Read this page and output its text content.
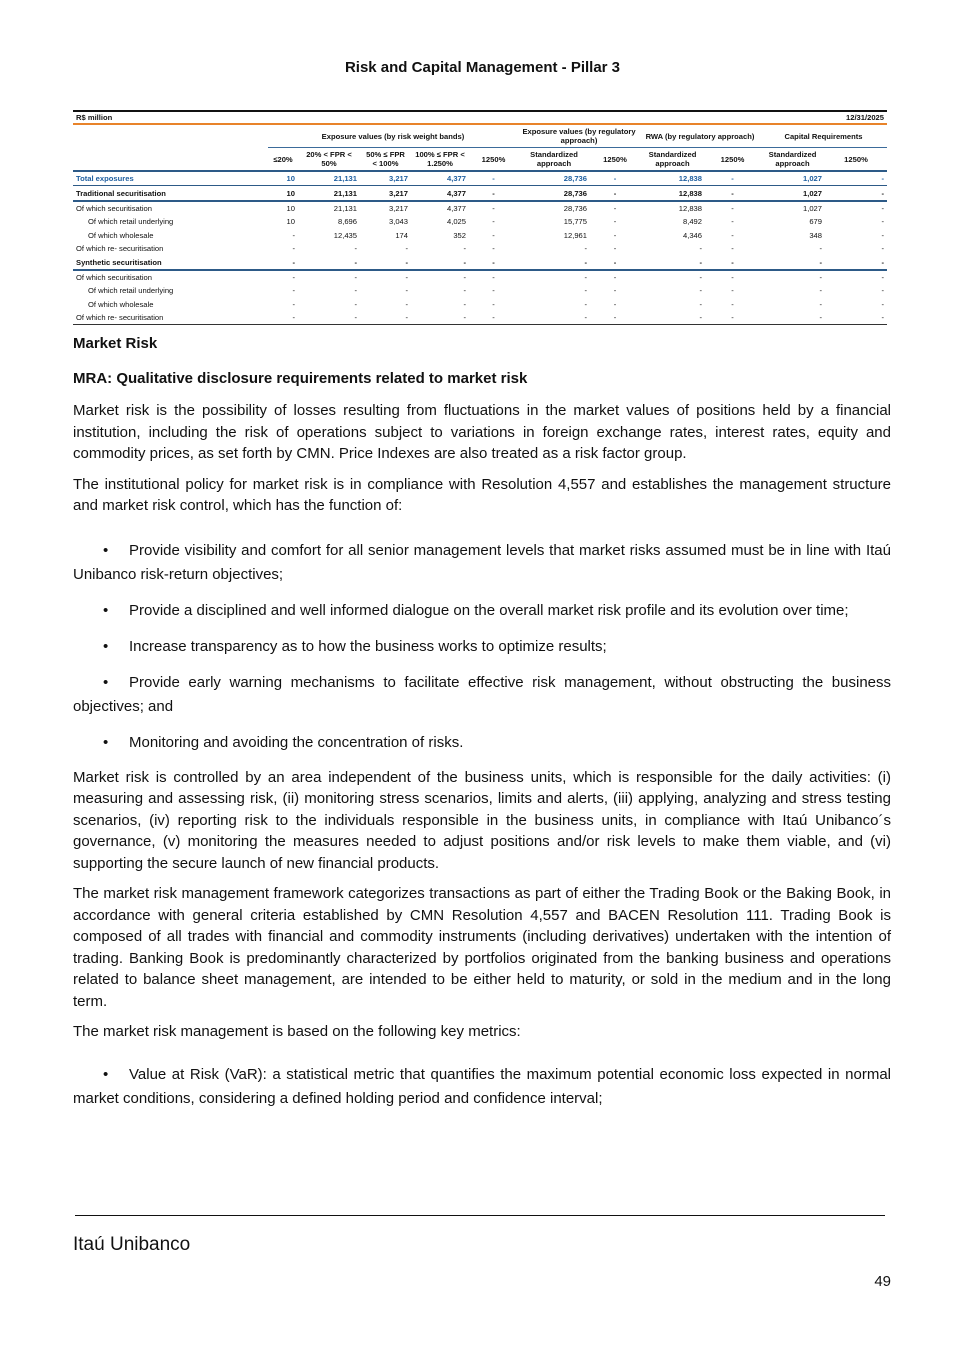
Risk and Capital Management - Pillar 3
R$ million	12/31/2025										
	Exposure values (by risk weight bands)					Exposure values (by regulatory approach)		RWA (by regulatory approach)		Capital Requirements	
	≤20%	20% < FPR < 50%	50% ≤ FPR < 100%	100% ≤ FPR < 1.250%	1250%	Standardized approach	1250%	Standardized approach	1250%	Standardized approach	1250%
Total exposures	10	21,131	3,217	4,377	-	28,736	-	12,838	-	1,027	-
Traditional securitisation	10	21,131	3,217	4,377	-	28,736	-	12,838	-	1,027	-
Of which securitisation	10	21,131	3,217	4,377	-	28,736	-	12,838	-	1,027	-
Of which retail underlying	10	8,696	3,043	4,025	-	15,775	-	8,492	-	679	-
Of which wholesale	-	12,435	174	352	-	12,961	-	4,346	-	348	-
Of which re- securitisation	-	-	-	-	-	-	-	-	-	-	-
Synthetic securitisation	-	-	-	-	-	-	-	-	-	-	-
Of which securitisation	-	-	-	-	-	-	-	-	-	-	-
Of which retail underlying	-	-	-	-	-	-	-	-	-	-	-
Of which wholesale	-	-	-	-	-	-	-	-	-	-	-
Of which re- securitisation	-	-	-	-	-	-	-	-	-	-	-

Market Risk

MRA: Qualitative disclosure requirements related to market risk

Market risk is the possibility of losses resulting from fluctuations in the market values of positions held by a financial institution, including the risk of operations subject to variations in foreign exchange rates, interest rates, equity and commodity prices, as set forth by CMN. Price Indexes are also treated as a risk factor group.

The institutional policy for market risk is in compliance with Resolution 4,557 and establishes the management structure and market risk control, which has the function of:

• Provide visibility and comfort for all senior management levels that market risks assumed must be in line with Itaú Unibanco risk-return objectives;

• Provide a disciplined and well informed dialogue on the overall market risk profile and its evolution over time;

• Increase transparency as to how the business works to optimize results;

• Provide early warning mechanisms to facilitate effective risk management, without obstructing the business objectives; and

• Monitoring and avoiding the concentration of risks.

Market risk is controlled by an area independent of the business units, which is responsible for the daily activities: (i) measuring and assessing risk, (ii) monitoring stress scenarios, limits and alerts, (iii) applying, analyzing and stress testing scenarios, (iv) reporting risk to the individuals responsible in the business units, in compliance with Itaú Unibanco´s governance, (v) monitoring the measures needed to adjust positions and/or risk levels to make them viable, and (vi) supporting the secure launch of new financial products.

The market risk management framework categorizes transactions as part of either the Trading Book or the Baking Book, in accordance with general criteria established by CMN Resolution 4,557 and BACEN Resolution 111. Trading Book is composed of all trades with financial and commodity instruments (including derivatives) undertaken with the intention of trading. Banking Book is predominantly characterized by portfolios originated from the banking business and operations related to balance sheet management, are intended to be either held to maturity, or sold in the medium and in the long term.

The market risk management is based on the following key metrics:

• Value at Risk (VaR): a statistical metric that quantifies the maximum potential economic loss expected in normal market conditions, considering a defined holding period and confidence interval;

Itaú Unibanco
49
